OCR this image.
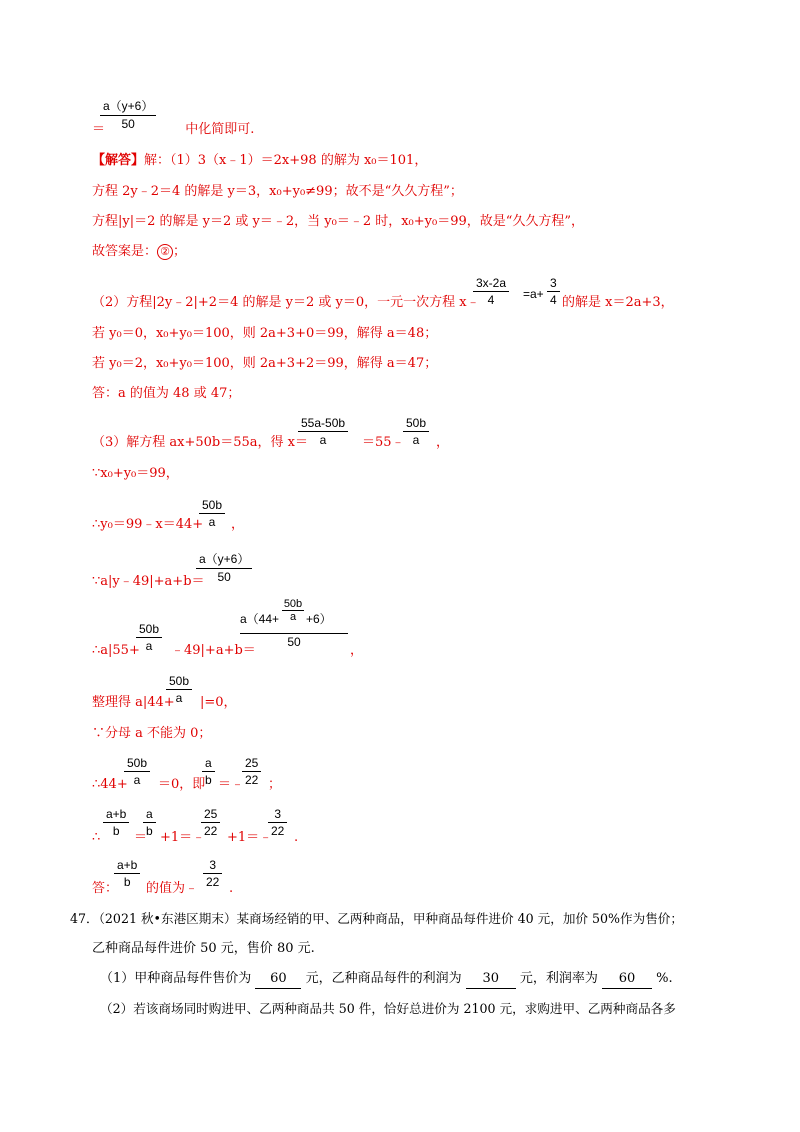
a（y+6）
50
＝	中化简即可.
【解答】解：（1）3（x﹣1）＝2x+98 的解为 x₀＝101，
方程 2y﹣2＝4 的解是 y＝3，x₀+y₀≠99；故不是“久久方程”；
方程|y|＝2 的解是 y＝2 或 y＝﹣2，当 y₀＝﹣2 时，x₀+y₀＝99，故是“久久方程”，
故答案是： ② ；
（2）方程|2y﹣2|+2＝4 的解是 y＝2 或 y＝0，一元一次方程 x﹣
3x-2a
4	=a+
3
4 的解是 x＝2a+3，
若 y₀＝0，x₀+y₀＝100，则 2a+3+0＝99，解得 a＝48；
若 y₀＝2，x₀+y₀＝100，则 2a+3+2＝99，解得 a＝47；
答：a 的值为 48 或 47；
（3）解方程 ax+50b＝55a，得 x＝
55a-50b
a	＝55﹣
50b
a	，
∵x₀+y₀＝99，
∴y₀＝99﹣x＝44+
50b
a	，
∵a|y﹣49|+a+b＝
a（y+6）
50
∴a|55+
50b
a	﹣49|+a+b＝
a（44+
50b
a +6）
50
，
整理得 a|44+
50b
a	|=0，
∵分母 a 不能为 0；
∴44+
50b
a	＝0，即
a
b ＝﹣
25
22 ；
∴
a+b
b	＝
a
b +1＝﹣
25
22 +1＝﹣
3
22 .
答：
a+b
b	的值为﹣
3
22 .
47．（2021 秋•东港区期末）某商场经销的甲、乙两种商品，甲种商品每件进价 40 元，加价 50%作为售价；
乙种商品每件进价 50 元，售价 80 元.
（1）甲种商品每件售价为 60 元，乙种商品每件的利润为 30 元，利润率为 60 %.
（2）若该商场同时购进甲、乙两种商品共 50 件，恰好总进价为 2100 元，求购进甲、乙两种商品各多
